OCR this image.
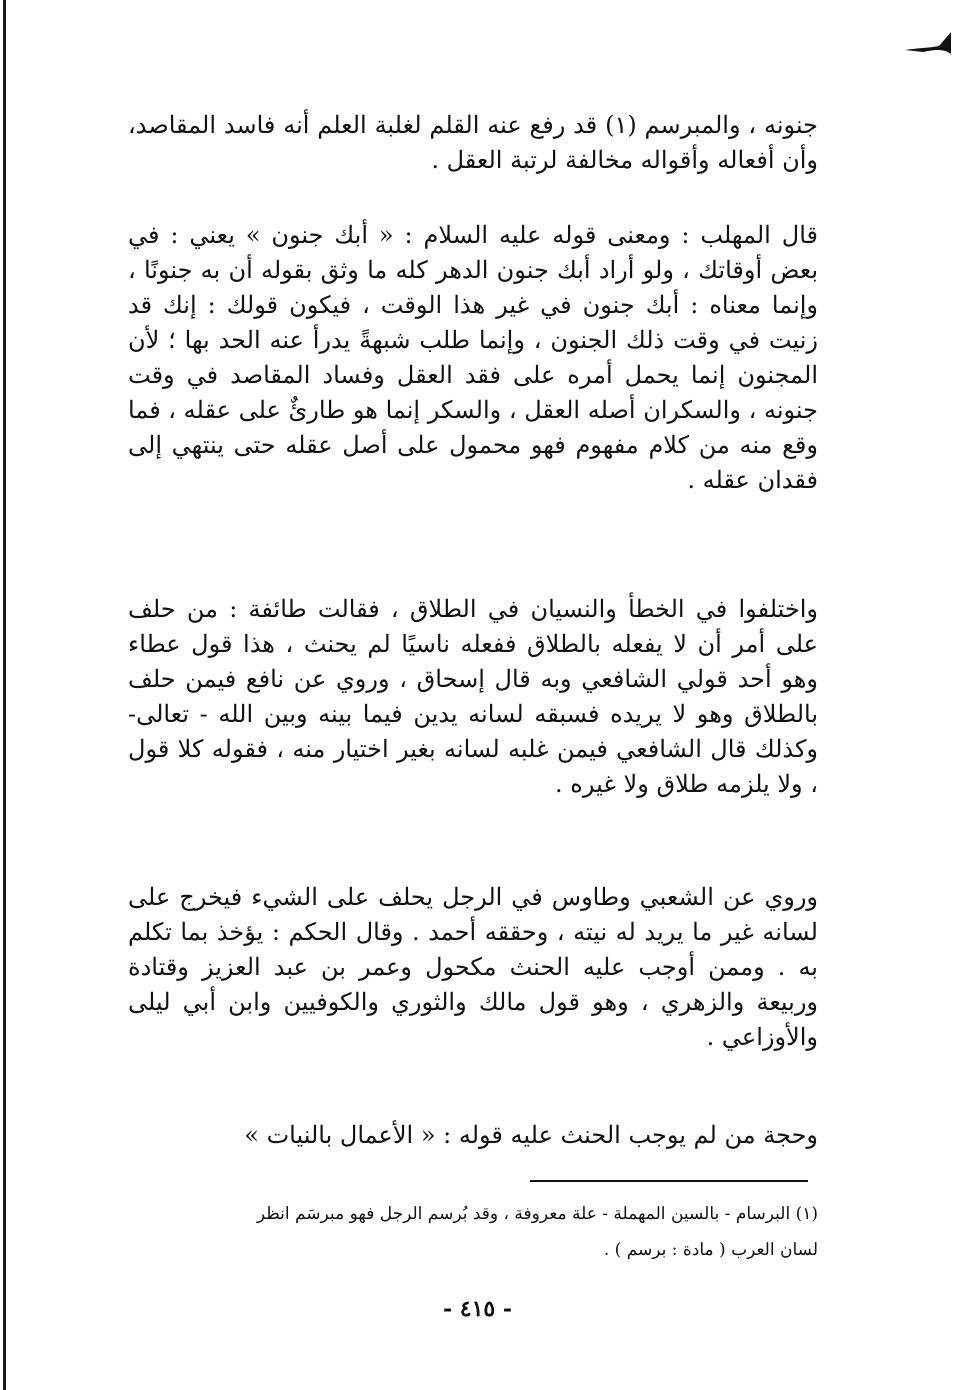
جنونه ، والمبرسم (١) قد رفع عنه القلم لغلبة العلم أنه فاسد المقاصد، وأن أفعاله وأقواله مخالفة لرتبة العقل .

قال المهلب : ومعنى قوله عليه السلام : « أبك جنون » يعني : في بعض أوقاتك ، ولو أراد أبك جنون الدهر كله ما وثق بقوله أن به جنونًا ، وإنما معناه : أبك جنون في غير هذا الوقت ، فيكون قولك : إنك قد زنيت في وقت ذلك الجنون ، وإنما طلب شبهةً يدرأ عنه الحد بها ؛ لأن المجنون إنما يحمل أمره على فقد العقل وفساد المقاصد في وقت جنونه ، والسكران أصله العقل ، والسكر إنما هو طارئٌ على عقله ، فما وقع منه من كلام مفهوم فهو محمول على أصل عقله حتى ينتهي إلى فقدان عقله .

واختلفوا في الخطأ والنسيان في الطلاق ، فقالت طائفة : من حلف على أمر أن لا يفعله بالطلاق ففعله ناسيًا لم يحنث ، هذا قول عطاء وهو أحد قولي الشافعي وبه قال إسحاق ، وروي عن نافع فيمن حلف بالطلاق وهو لا يريده فسبقه لسانه يدين فيما بينه وبين الله - تعالى- وكذلك قال الشافعي فيمن غلبه لسانه بغير اختيار منه ، فقوله كلا قول ، ولا يلزمه طلاق ولا غيره .

وروي عن الشعبي وطاوس في الرجل يحلف على الشيء فيخرج على لسانه غير ما يريد له نيته ، وحققه أحمد . وقال الحكم : يؤخذ بما تكلم به . وممن أوجب عليه الحنث مكحول وعمر بن عبد العزيز وقتادة وربيعة والزهري ، وهو قول مالك والثوري والكوفيين وابن أبي ليلى والأوزاعي .

وحجة من لم يوجب الحنث عليه قوله : « الأعمال بالنيات »

(١) البرسام - بالسين المهملة - علة معروفة ، وقد بُرسم الرجل فهو مبرسَم انظر
لسان العرب ( مادة : برسم ) .
- ٤١٥ -
